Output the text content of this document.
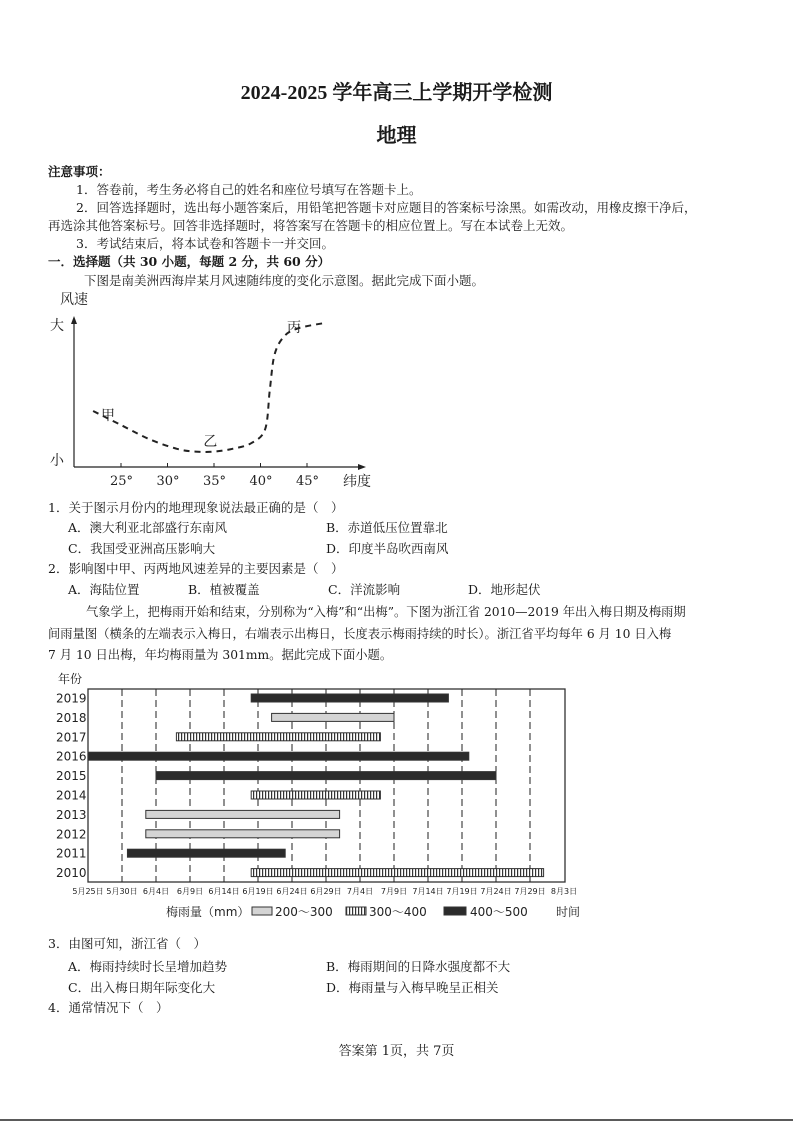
2024-2025 学年高三上学期开学检测
地理
注意事项：
1．答卷前，考生务必将自己的姓名和座位号填写在答题卡上。
2．回答选择题时，选出每小题答案后，用铅笔把答题卡对应题目的答案标号涂黑。如需改动，用橡皮擦干净后，
再选涂其他答案标号。回答非选择题时，将答案写在答题卡的相应位置上。写在本试卷上无效。
3．考试结束后，将本试卷和答题卡一并交回。
一．选择题（共 30 小题，每题 2 分，共 60 分）
下图是南美洲西海岸某月风速随纬度的变化示意图。据此完成下面小题。
风速
大
小
25° 30° 35° 40° 45° 纬度
甲
乙
丙
1．关于图示月份内的地理现象说法最正确的是（　）
A．澳大利亚北部盛行东南风	B．赤道低压位置靠北
C．我国受亚洲高压影响大	D．印度半岛吹西南风
2．影响图中甲、丙两地风速差异的主要因素是（　）
A．海陆位置	B．植被覆盖	C．洋流影响	D．地形起伏
气象学上，把梅雨开始和结束，分别称为“入梅”和“出梅”。下图为浙江省 2010—2019 年出入梅日期及梅雨期
间雨量图（横条的左端表示入梅日，右端表示出梅日，长度表示梅雨持续的时长）。浙江省平均每年 6 月 10 日入梅
7 月 10 日出梅，年均梅雨量为 301mm。据此完成下面小题。
年份
2019
2018
2017
2016
2015
2014
2013
2012
2011
2010
5月25日 5月30日 6月4日 6月9日 6月14日 6月19日 6月24日 6月29日 7月4日 7月9日 7月14日 7月19日 7月24日 7月29日 8月3日
梅雨量（mm） 200～300	300～400	400～500 时间
3．由图可知，浙江省（　）
A．梅雨持续时长呈增加趋势	B．梅雨期间的日降水强度都不大
C．出入梅日期年际变化大	D．梅雨量与入梅早晚呈正相关
4．通常情况下（　）
答案第 1页，共 7页
